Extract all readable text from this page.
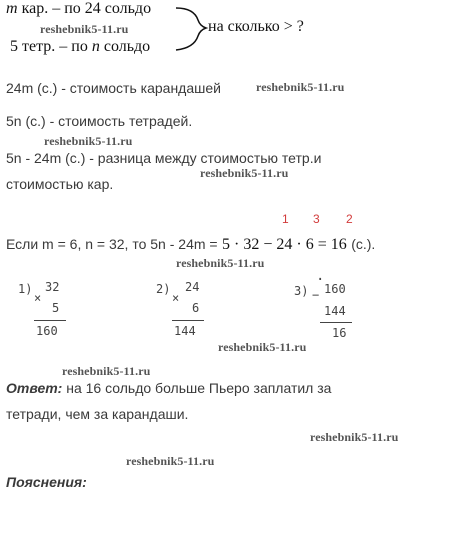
m кар. – по 24 сольдо
5 тетр. – по n сольдо
на сколько > ?
reshebnik5-11.ru
24m (с.) - стоимость карандашей	reshebnik5-11.ru
5n (с.) - стоимость тетрадей.
reshebnik5-11.ru
5n - 24m (с.) - разница между стоимостью тетр.и
reshebnik5-11.ru
стоимостью кар.
1 3 2
Если m = 6, n = 32, то 5n - 24m = 5 · 32 − 24 · 6 = 16 (с.).
reshebnik5-11.ru
1)
×
32
5
160
2)
×
24
6
144
·
3) − 160
144
16
reshebnik5-11.ru
reshebnik5-11.ru
Ответ: на 16 сольдо больше Пьеро заплатил за
тетради, чем за карандаши.
reshebnik5-11.ru
reshebnik5-11.ru
Пояснения:
